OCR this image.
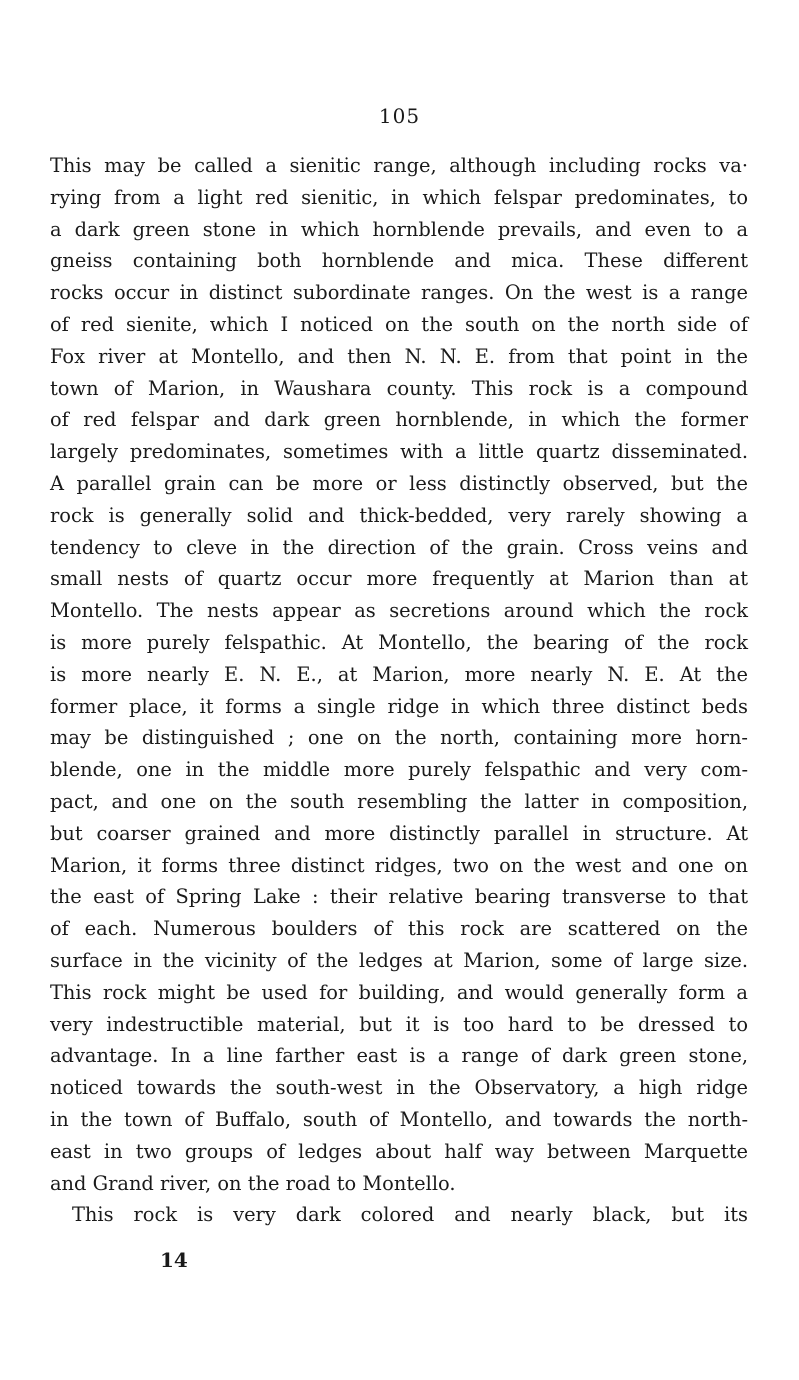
105
This may be called a sienitic range, although including rocks va·
rying from a light red sienitic, in which felspar predominates, to
a dark green stone in which hornblende prevails, and even to a
gneiss containing both hornblende and mica. These different
rocks occur in distinct subordinate ranges. On the west is a range
of red sienite, which I noticed on the south on the north side of
Fox river at Montello, and then N. N. E. from that point in the
town of Marion, in Waushara county. This rock is a compound
of red felspar and dark green hornblende, in which the former
largely predominates, sometimes with a little quartz disseminated.
A parallel grain can be more or less distinctly observed, but the
rock is generally solid and thick-bedded, very rarely showing a
tendency to cleve in the direction of the grain. Cross veins and
small nests of quartz occur more frequently at Marion than at
Montello. The nests appear as secretions around which the rock
is more purely felspathic. At Montello, the bearing of the rock
is more nearly E. N. E., at Marion, more nearly N. E. At the
former place, it forms a single ridge in which three distinct beds
may be distinguished ; one on the north, containing more horn-
blende, one in the middle more purely felspathic and very com-
pact, and one on the south resembling the latter in composition,
but coarser grained and more distinctly parallel in structure. At
Marion, it forms three distinct ridges, two on the west and one on
the east of Spring Lake : their relative bearing transverse to that
of each. Numerous boulders of this rock are scattered on the
surface in the vicinity of the ledges at Marion, some of large size.
This rock might be used for building, and would generally form a
very indestructible material, but it is too hard to be dressed to
advantage. In a line farther east is a range of dark green stone,
noticed towards the south-west in the Observatory, a high ridge
in the town of Buffalo, south of Montello, and towards the north-
east in two groups of ledges about half way between Marquette
and Grand river, on the road to Montello.
This rock is very dark colored and nearly black, but its
14
